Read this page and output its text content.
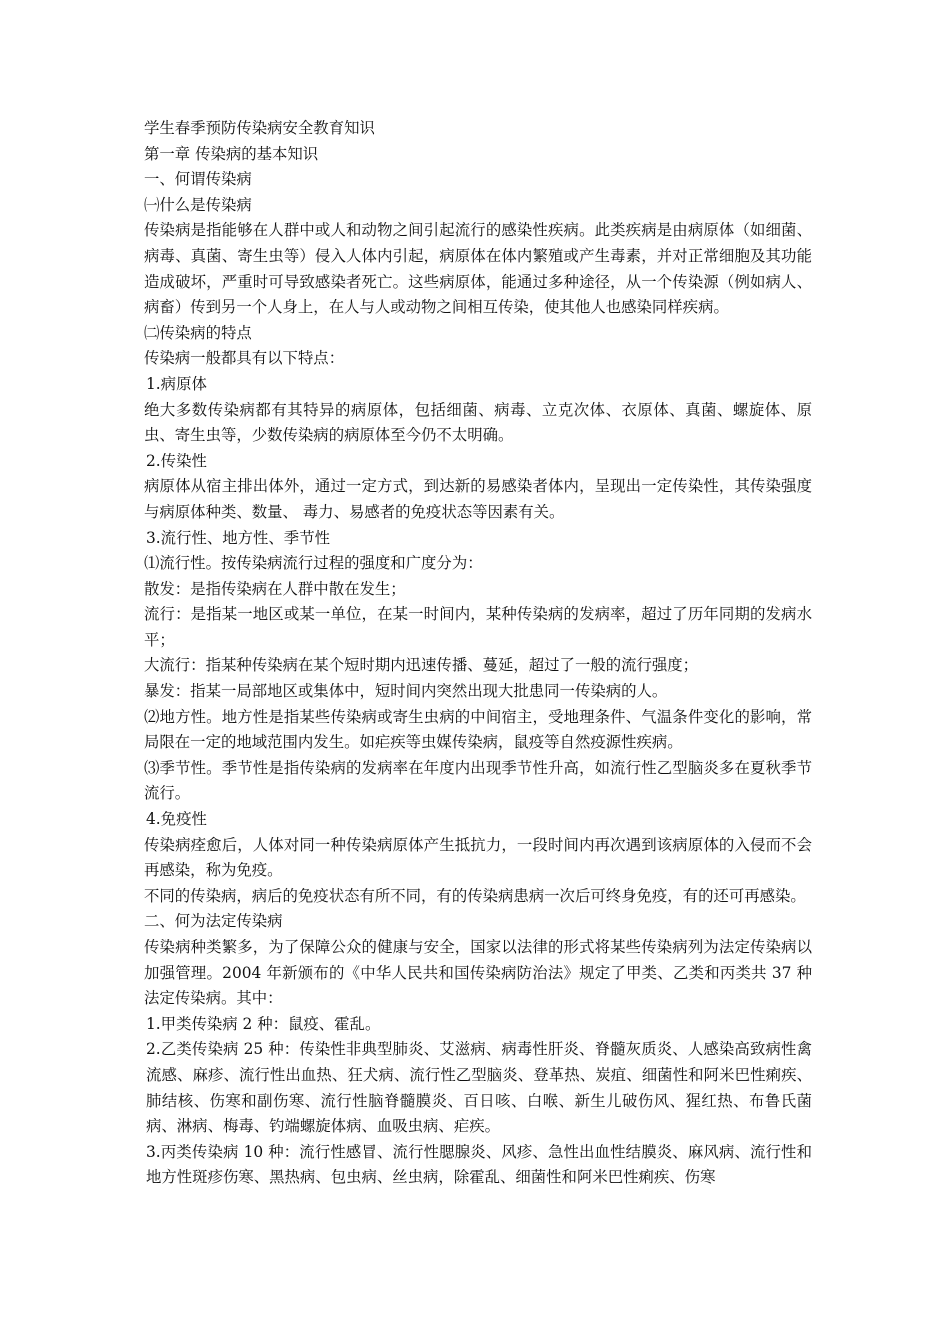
学生春季预防传染病安全教育知识

第一章 传染病的基本知识

一、何谓传染病

㈠什么是传染病

传染病是指能够在人群中或人和动物之间引起流行的感染性疾病。此类疾病是由病原体（如细菌、病毒、真菌、寄生虫等）侵入人体内引起，病原体在体内繁殖或产生毒素，并对正常细胞及其功能造成破坏，严重时可导致感染者死亡。这些病原体，能通过多种途径，从一个传染源（例如病人、病畜）传到另一个人身上，在人与人或动物之间相互传染，使其他人也感染同样疾病。

㈡传染病的特点

传染病一般都具有以下特点：

1.病原体

绝大多数传染病都有其特异的病原体，包括细菌、病毒、立克次体、衣原体、真菌、螺旋体、原虫、寄生虫等，少数传染病的病原体至今仍不太明确。

2.传染性

病原体从宿主排出体外，通过一定方式，到达新的易感染者体内，呈现出一定传染性，其传染强度与病原体种类、数量、 毒力、易感者的免疫状态等因素有关。

3.流行性、地方性、季节性

⑴流行性。按传染病流行过程的强度和广度分为：

散发：是指传染病在人群中散在发生；

流行：是指某一地区或某一单位，在某一时间内，某种传染病的发病率，超过了历年同期的发病水平；

大流行：指某种传染病在某个短时期内迅速传播、蔓延，超过了一般的流行强度；

暴发：指某一局部地区或集体中，短时间内突然出现大批患同一传染病的人。

⑵地方性。地方性是指某些传染病或寄生虫病的中间宿主，受地理条件、气温条件变化的影响，常局限在一定的地域范围内发生。如疟疾等虫媒传染病，鼠疫等自然疫源性疾病。

⑶季节性。季节性是指传染病的发病率在年度内出现季节性升高，如流行性乙型脑炎多在夏秋季节流行。

4.免疫性

传染病痊愈后，人体对同一种传染病原体产生抵抗力，一段时间内再次遇到该病原体的入侵而不会再感染，称为免疫。

不同的传染病，病后的免疫状态有所不同，有的传染病患病一次后可终身免疫，有的还可再感染。

二、何为法定传染病

传染病种类繁多，为了保障公众的健康与安全，国家以法律的形式将某些传染病列为法定传染病以加强管理。2004 年新颁布的《中华人民共和国传染病防治法》规定了甲类、乙类和丙类共 37 种法定传染病。其中：

1.甲类传染病 2 种：鼠疫、霍乱。

2.乙类传染病 25 种：传染性非典型肺炎、艾滋病、病毒性肝炎、脊髓灰质炎、人感染高致病性禽流感、麻疹、流行性出血热、狂犬病、流行性乙型脑炎、登革热、炭疽、细菌性和阿米巴性痢疾、肺结核、伤寒和副伤寒、流行性脑脊髓膜炎、百日咳、白喉、新生儿破伤风、猩红热、布鲁氏菌病、淋病、梅毒、钓端螺旋体病、血吸虫病、疟疾。

3.丙类传染病 10 种：流行性感冒、流行性腮腺炎、风疹、急性出血性结膜炎、麻风病、流行性和地方性斑疹伤寒、黑热病、包虫病、丝虫病，除霍乱、细菌性和阿米巴性痢疾、伤寒
